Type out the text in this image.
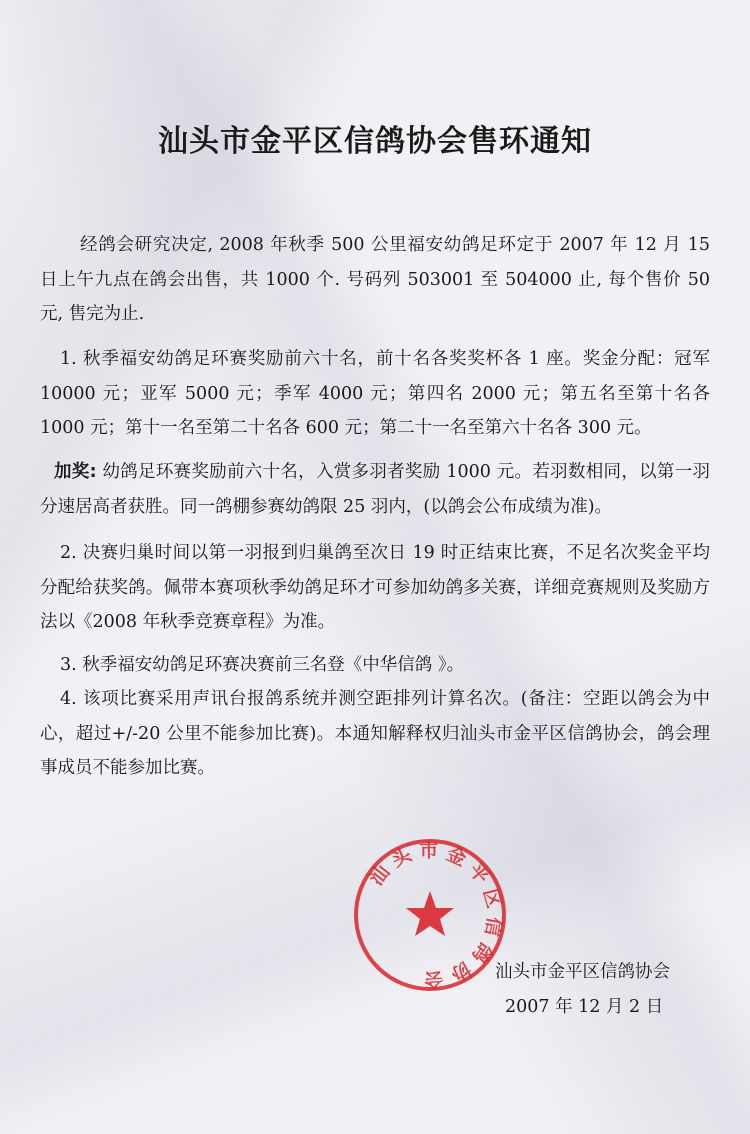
汕头市金平区信鸽协会售环通知
经鸽会研究决定, 2008 年秋季 500 公里福安幼鸽足环定于 2007 年 12 月 15 日上午九点在鸽会出售，共 1000 个. 号码列 503001 至 504000 止, 每个售价 50 元, 售完为止.
1. 秋季福安幼鸽足环赛奖励前六十名，前十名各奖奖杯各 1 座。奖金分配：冠军 10000 元；亚军 5000 元；季军 4000 元；第四名 2000 元；第五名至第十名各 1000 元；第十一名至第二十名各 600 元；第二十一名至第六十名各 300 元。
加奖: 幼鸽足环赛奖励前六十名，入赏多羽者奖励 1000 元。若羽数相同，以第一羽分速居高者获胜。同一鸽棚参赛幼鸽限 25 羽内，(以鸽会公布成绩为准)。
2. 决赛归巢时间以第一羽报到归巢鸽至次日 19 时正结束比赛，不足名次奖金平均分配给获奖鸽。佩带本赛项秋季幼鸽足环才可参加幼鸽多关赛，详细竞赛规则及奖励方法以《2008 年秋季竞赛章程》为准。
3. 秋季福安幼鸽足环赛决赛前三名登《中华信鸽 》。
4. 该项比赛采用声讯台报鸽系统并测空距排列计算名次。(备注：空距以鸽会为中心，超过+/-20 公里不能参加比赛)。本通知解释权归汕头市金平区信鸽协会，鸽会理事成员不能参加比赛。
汕 头 市 金 平 区 信 鸽 协 会	汕头市金平区信鸽协会
2007 年 12 月 2 日
